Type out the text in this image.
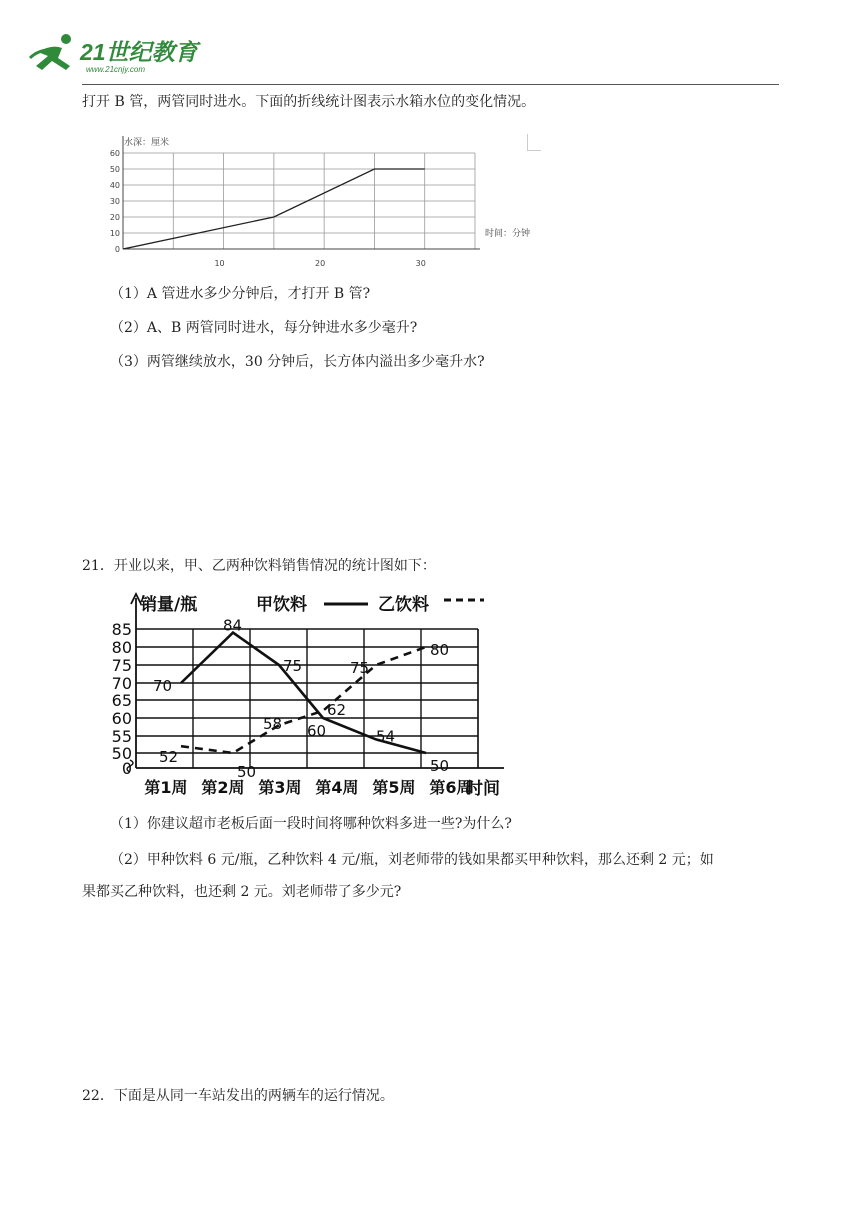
21世纪教育
www.21cnjy.com
打开 B 管，两管同时进水。下面的折线统计图表示水箱水位的变化情况。
0
10
20
30
40
50
60
10	20	30
水深：厘米
时间：分钟
（1）A 管进水多少分钟后，才打开 B 管?
（2）A、B 两管同时进水，每分钟进水多少毫升?
（3）两管继续放水，30 分钟后，长方体内溢出多少毫升水?
21．开业以来，甲、乙两种饮料销售情况的统计图如下：
0
50
55
60
65
70
75
80
85
第1周 第2周 第3周 第4周 第5周 第6周
70
84
75
60	54
50
52
50
58
62
75
80
销量/瓶
时间
甲饮料	乙饮料
（1）你建议超市老板后面一段时间将哪种饮料多进一些?为什么?
（2）甲种饮料 6 元/瓶，乙种饮料 4 元/瓶，刘老师带的钱如果都买甲种饮料，那么还剩 2 元；如
果都买乙种饮料，也还剩 2 元。刘老师带了多少元?
22．下面是从同一车站发出的两辆车的运行情况。
